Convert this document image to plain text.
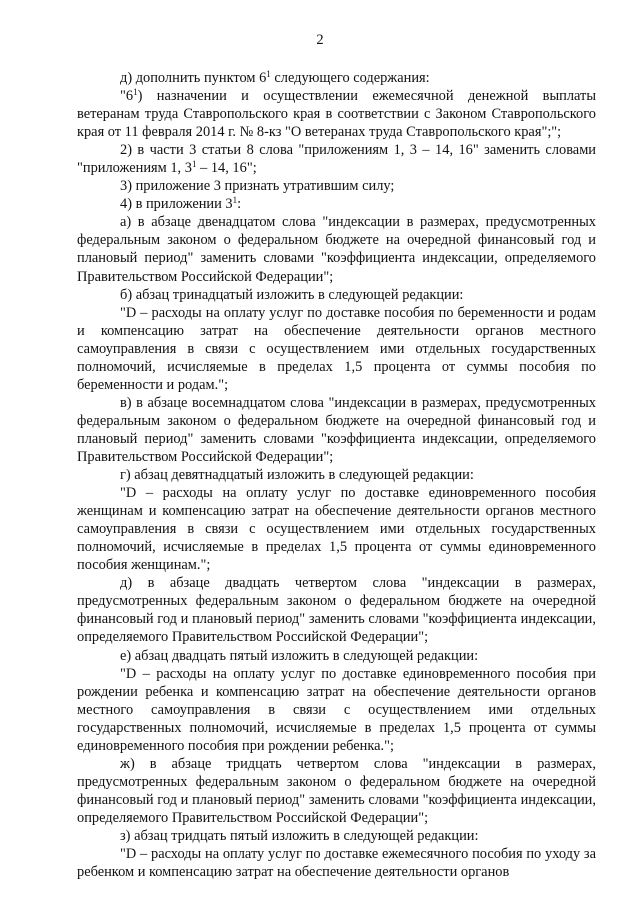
2

д) дополнить пунктом $6^1$ следующего содержания:

"$6^1$) назначении и осуществлении ежемесячной денежной выплаты ветеранам труда Ставропольского края в соответствии с Законом Ставропольского края от 11 февраля 2014 г. № 8-кз "О ветеранах труда Ставропольского края";";

2) в части 3 статьи 8 слова "приложениям 1, 3 – 14, 16" заменить словами "приложениям 1, $3^1 - 14$, 16";

3) приложение 3 признать утратившим силу;

4) в приложении $3^1$:

а) в абзаце двенадцатом слова "индексации в размерах, предусмотренных федеральным законом о федеральном бюджете на очередной финансовый год и плановый период" заменить словами "коэффициента индексации, определяемого Правительством Российской Федерации";

б) абзац тринадцатый изложить в следующей редакции:

"D – расходы на оплату услуг по доставке пособия по беременности и родам и компенсацию затрат на обеспечение деятельности органов местного самоуправления в связи с осуществлением ими отдельных государственных полномочий, исчисляемые в пределах 1,5 процента от суммы пособия по беременности и родам.";

в) в абзаце восемнадцатом слова "индексации в размерах, предусмотренных федеральным законом о федеральном бюджете на очередной финансовый год и плановый период" заменить словами "коэффициента индексации, определяемого Правительством Российской Федерации";

г) абзац девятнадцатый изложить в следующей редакции:

"D – расходы на оплату услуг по доставке единовременного пособия женщинам и компенсацию затрат на обеспечение деятельности органов местного самоуправления в связи с осуществлением ими отдельных государственных полномочий, исчисляемые в пределах 1,5 процента от суммы единовременного пособия женщинам.";

д) в абзаце двадцать четвертом слова "индексации в размерах, предусмотренных федеральным законом о федеральном бюджете на очередной финансовый год и плановый период" заменить словами "коэффициента индексации, определяемого Правительством Российской Федерации";

е) абзац двадцать пятый изложить в следующей редакции:

"D – расходы на оплату услуг по доставке единовременного пособия при рождении ребенка и компенсацию затрат на обеспечение деятельности органов местного самоуправления в связи с осуществлением ими отдельных государственных полномочий, исчисляемые в пределах 1,5 процента от суммы единовременного пособия при рождении ребенка.";

ж) в абзаце тридцать четвертом слова "индексации в размерах, предусмотренных федеральным законом о федеральном бюджете на очередной финансовый год и плановый период" заменить словами "коэффициента индексации, определяемого Правительством Российской Федерации";

з) абзац тридцать пятый изложить в следующей редакции:

"D – расходы на оплату услуг по доставке ежемесячного пособия по уходу за ребенком и компенсацию затрат на обеспечение деятельности органов
